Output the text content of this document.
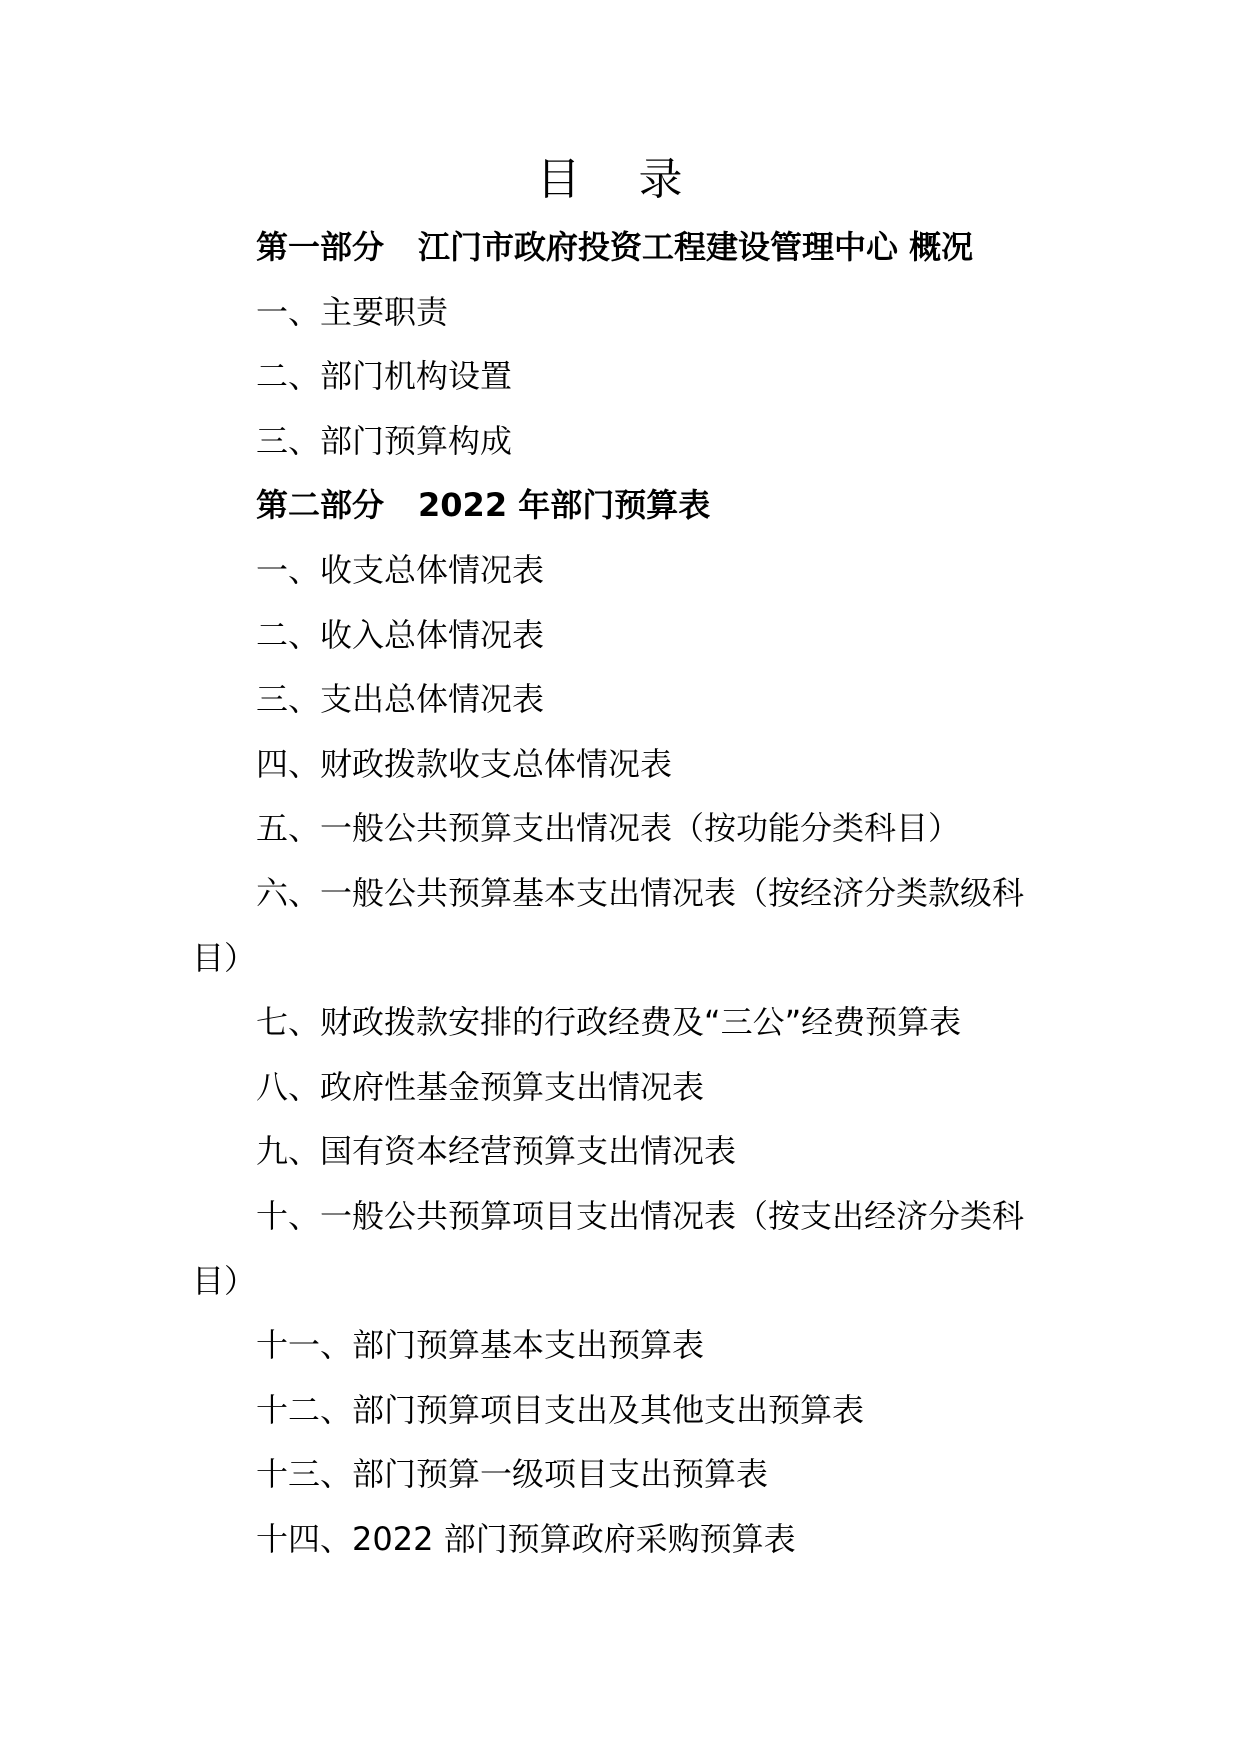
目 录

第一部分 江门市政府投资工程建设管理中心 概况

一、主要职责

二、部门机构设置

三、部门预算构成

第二部分 2022 年部门预算表

一、收支总体情况表

二、收入总体情况表

三、支出总体情况表

四、财政拨款收支总体情况表

五、一般公共预算支出情况表（按功能分类科目）

六、一般公共预算基本支出情况表（按经济分类款级科目）

七、财政拨款安排的行政经费及“三公”经费预算表

八、政府性基金预算支出情况表

九、国有资本经营预算支出情况表

十、一般公共预算项目支出情况表（按支出经济分类科目）

十一、部门预算基本支出预算表

十二、部门预算项目支出及其他支出预算表

十三、部门预算一级项目支出预算表

十四、2022 部门预算政府采购预算表
